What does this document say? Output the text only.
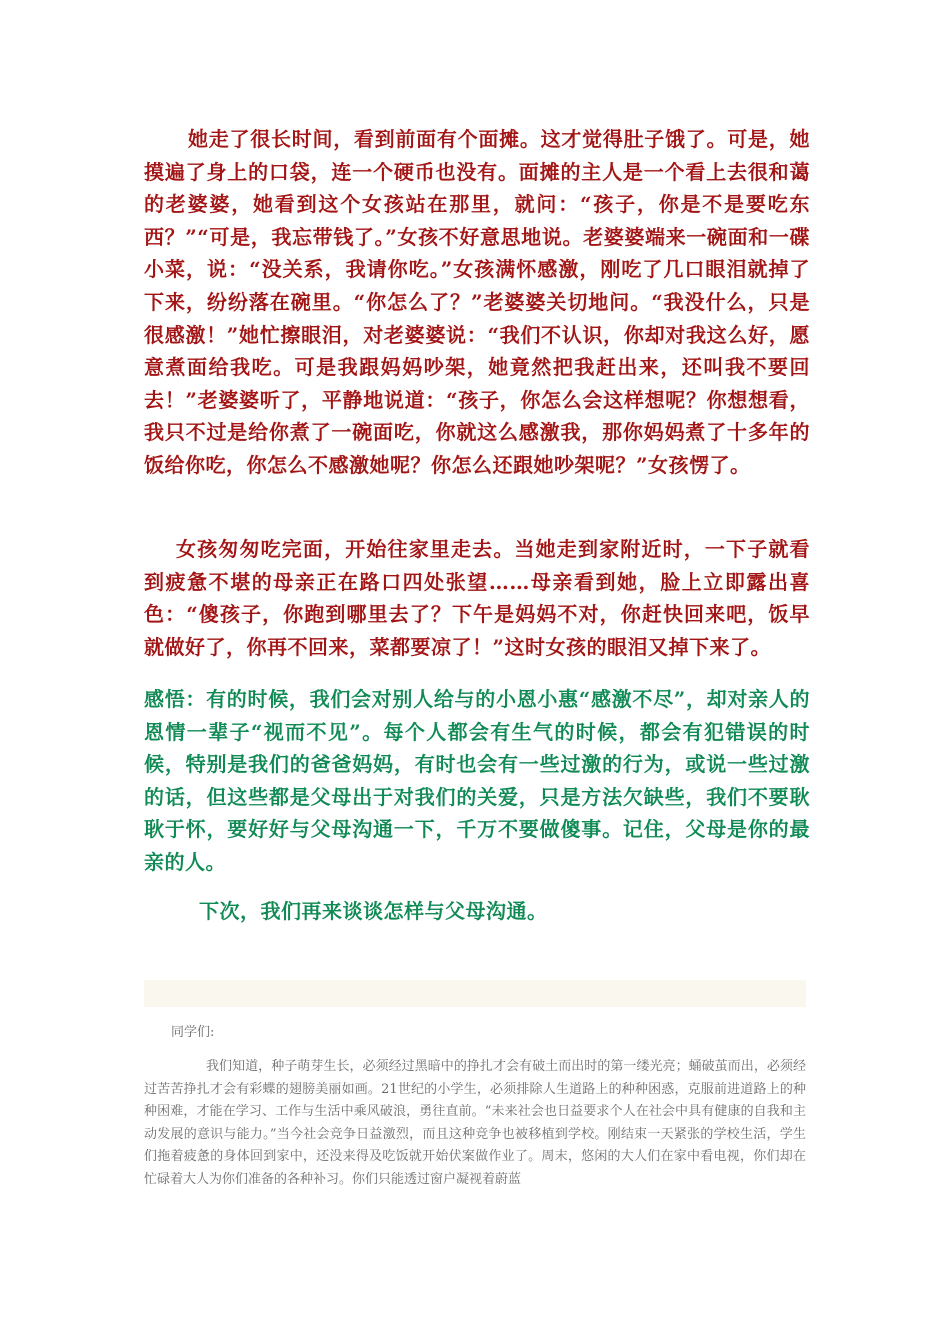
她走了很长时间，看到前面有个面摊。这才觉得肚子饿了。可是，她摸遍了身上的口袋，连一个硬币也没有。面摊的主人是一个看上去很和蔼的老婆婆，她看到这个女孩站在那里，就问：“孩子，你是不是要吃东西？”“可是，我忘带钱了。”女孩不好意思地说。老婆婆端来一碗面和一碟小菜，说：“没关系，我请你吃。”女孩满怀感激，刚吃了几口眼泪就掉了下来，纷纷落在碗里。“你怎么了？”老婆婆关切地问。“我没什么，只是很感激！”她忙擦眼泪，对老婆婆说：“我们不认识，你却对我这么好，愿意煮面给我吃。可是我跟妈妈吵架，她竟然把我赶出来，还叫我不要回去！”老婆婆听了，平静地说道：“孩子，你怎么会这样想呢？你想想看，我只不过是给你煮了一碗面吃，你就这么感激我，那你妈妈煮了十多年的饭给你吃，你怎么不感激她呢？你怎么还跟她吵架呢？”女孩愣了。

女孩匆匆吃完面，开始往家里走去。当她走到家附近时，一下子就看到疲惫不堪的母亲正在路口四处张望……母亲看到她，脸上立即露出喜色：“傻孩子，你跑到哪里去了？下午是妈妈不对，你赶快回来吧，饭早就做好了，你再不回来，菜都要凉了！”这时女孩的眼泪又掉下来了。

感悟：有的时候，我们会对别人给与的小恩小惠“感激不尽”，却对亲人的恩情一辈子“视而不见”。每个人都会有生气的时候，都会有犯错误的时候，特别是我们的爸爸妈妈，有时也会有一些过激的行为，或说一些过激的话，但这些都是父母出于对我们的关爱，只是方法欠缺些，我们不要耿耿于怀，要好好与父母沟通一下，千万不要做傻事。记住，父母是你的最亲的人。

下次，我们再来谈谈怎样与父母沟通。

同学们:

我们知道，种子萌芽生长，必须经过黑暗中的挣扎才会有破土而出时的第一缕光亮；蛹破茧而出，必须经过苦苦挣扎才会有彩蝶的翅膀美丽如画。21世纪的小学生，必须排除人生道路上的种种困惑，克服前进道路上的种种困难，才能在学习、工作与生活中乘风破浪，勇往直前。“未来社会也日益要求个人在社会中具有健康的自我和主动发展的意识与能力。”当今社会竞争日益激烈，而且这种竞争也被移植到学校。刚结束一天紧张的学校生活，学生们拖着疲惫的身体回到家中，还没来得及吃饭就开始伏案做作业了。周末，悠闲的大人们在家中看电视，你们却在忙碌着大人为你们准备的各种补习。你们只能透过窗户凝视着蔚蓝
